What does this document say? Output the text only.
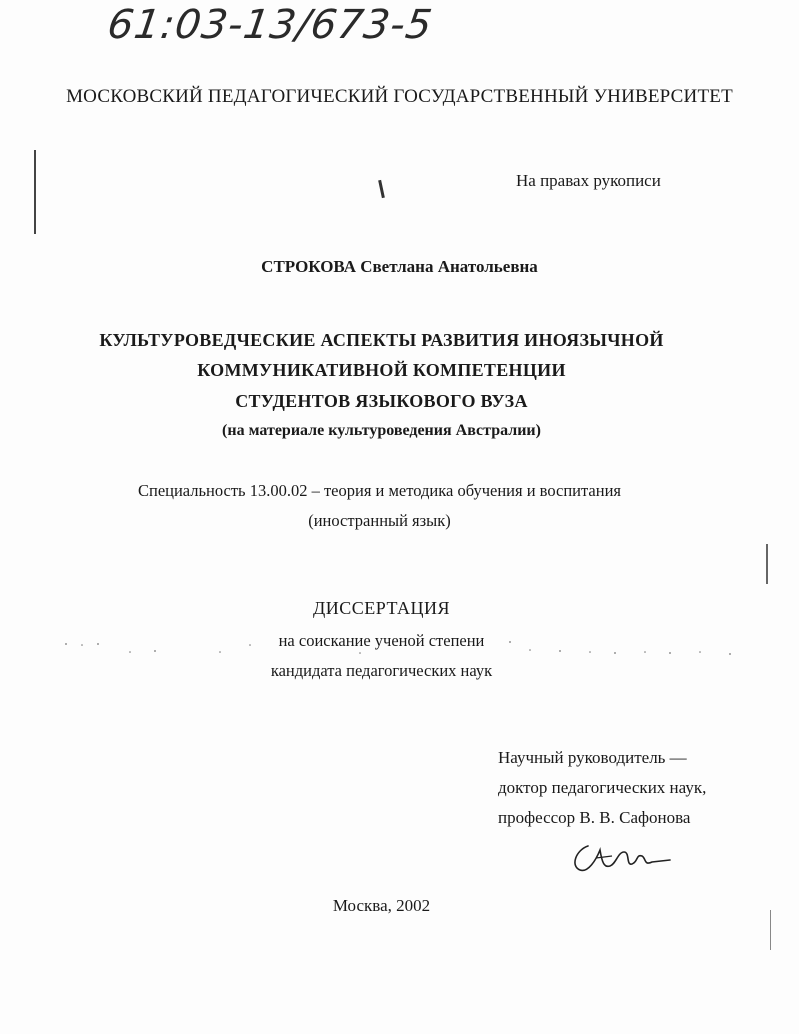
61:03-13/673-5
МОСКОВСКИЙ ПЕДАГОГИЧЕСКИЙ ГОСУДАРСТВЕННЫЙ УНИВЕРСИТЕТ
На правах рукописи
СТРОКОВА Светлана Анатольевна
КУЛЬТУРОВЕДЧЕСКИЕ АСПЕКТЫ РАЗВИТИЯ ИНОЯЗЫЧНОЙ
КОММУНИКАТИВНОЙ КОМПЕТЕНЦИИ
СТУДЕНТОВ ЯЗЫКОВОГО ВУЗА
(на материале культуроведения Австралии)
Специальность 13.00.02 – теория и методика обучения и воспитания
(иностранный язык)
ДИССЕРТАЦИЯ
на соискание ученой степени
кандидата педагогических наук
Научный руководитель —
доктор педагогических наук,
профессор В. В. Сафонова
Москва, 2002
